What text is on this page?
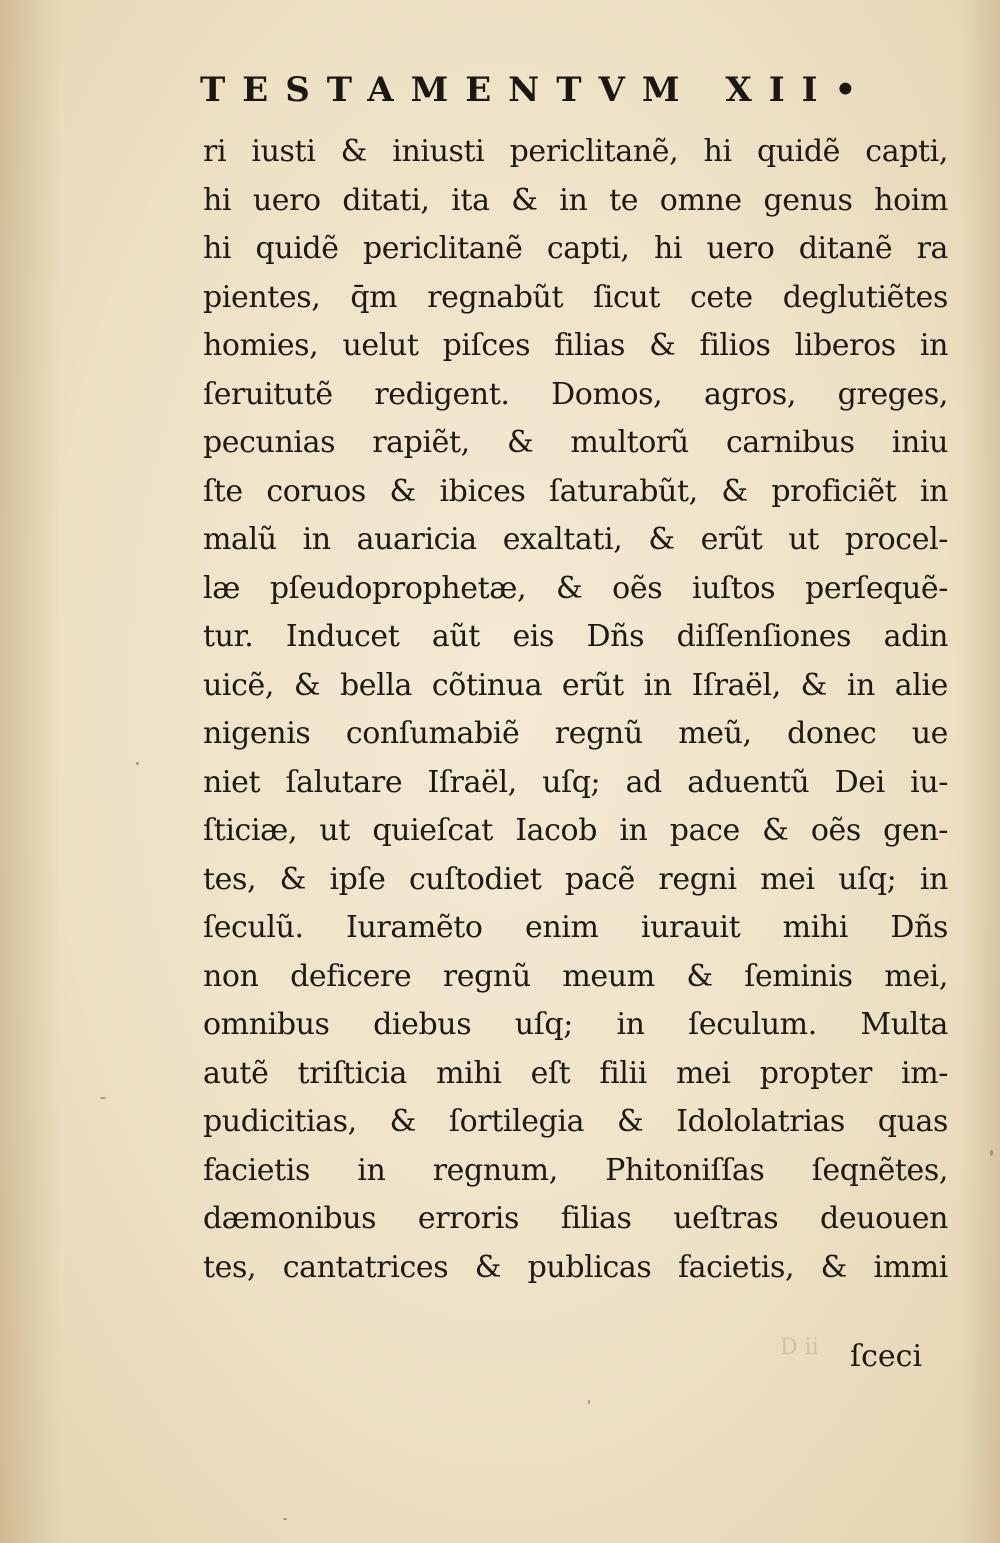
TESTAMENTVM XII•
ri iusti & iniusti periclitanẽ, hi quidẽ capti,
hi uero ditati, ita & in te omne genus hoim
hi quidẽ periclitanẽ capti, hi uero ditanẽ ra
pientes, q̄m regnabũt ſicut cete deglutiẽtes
homies, uelut piſces filias & filios liberos in
ſeruitutẽ redigent. Domos, agros, greges,
pecunias rapiẽt, & multorũ carnibus iniu
ſte coruos & ibices ſaturabũt, & proficiẽt in
malũ in auaricia exaltati, & erũt ut procel-
læ pſeudoprophetæ, & oẽs iuſtos perſequẽ-
tur. Inducet aũt eis Dñs diſſenſiones adin
uicẽ, & bella cõtinua erũt in Iſraël, & in alie
nigenis conſumabiẽ regnũ meũ, donec ue
niet ſalutare Iſraël, uſq; ad aduentũ Dei iu-
ſticiæ, ut quieſcat Iacob in pace & oẽs gen-
tes, & ipſe cuſtodiet pacẽ regni mei uſq; in
ſeculũ. Iuramẽto enim iurauit mihi Dñs
non deficere regnũ meum & ſeminis mei,
omnibus diebus uſq; in ſeculum. Multa
autẽ triſticia mihi eſt filii mei propter im-
pudicitias, & ſortilegia & Idololatrias quas
facietis in regnum, Phitoniſſas ſeqnẽtes,
dæmonibus erroris filias ueſtras deuouen
tes, cantatrices & publicas facietis, & immi
D ii ſceci
